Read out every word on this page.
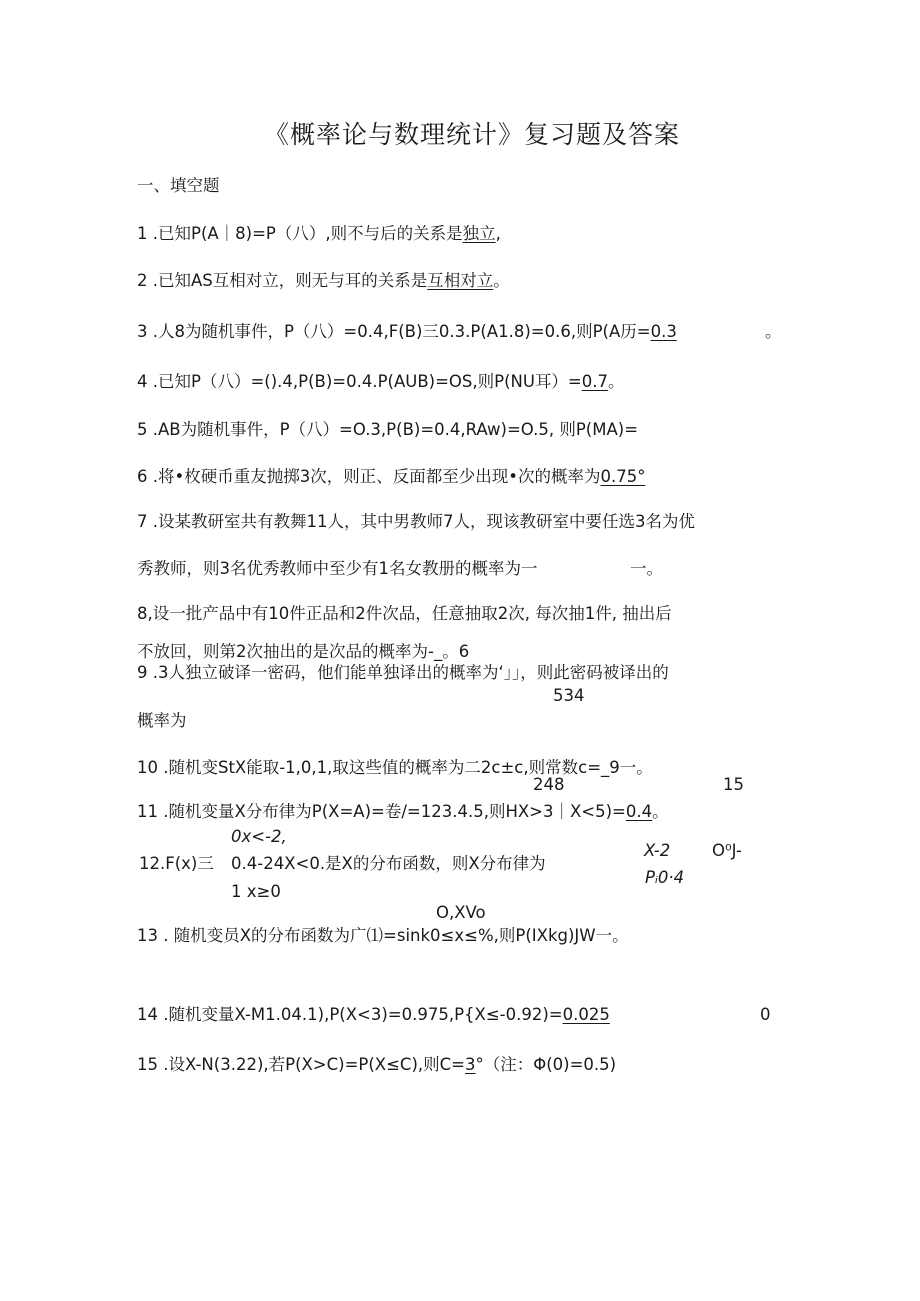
《概率论与数理统计》复习题及答案
一、填空题
1 .已知P(A｜8)=P（八）,则不与后的关系是独立,
2 .已知AS互相对立，则无与耳的关系是互相对立。
3 .人8为随机事件，P（八）=0.4,F(B)三0.3.P(A1.8)=0.6,则P(A历=0.3	。
4 .已知P（八）=().4,P(B)=0.4.P(AUB)=OS,则P(NU耳）=0.7。
5 .AB为随机事件，P（八）=O.3,P(B)=0.4,RAw)=O.5, 则P(MA)=
6 .将•枚硬币重友抛掷3次，则正、反面都至少出现•次的概率为0.75°
7 .设某教研室共有教舞11人，其中男教师7人，现该教研室中要任选3名为优
秀教师，则3名优秀教师中至少有1名女教册的概率为一	一。
8,设一批产品中有10件正品和2件次品，任意抽取2次, 每次抽1件, 抽出后
不放回，则第2次抽出的是次品的概率为-_。6
9 .3人独立破译一密码，他们能单独译出的概率为‘」」，则此密码被译出的
534
概率为
10 .随机变StX能取-1,0,1,取这些值的概率为二2c±c,则常数c=_9一。
248	15
11 .随机变量X分布律为P(X=A)=卷/=123.4.5,则HX>3｜X<5)=0.4。
0x<-2,
12.F(x)三 0.4-24X<0.是X的分布函数，则X分布律为
1 x≥0
X-2	O⁰J-
Pᵢ0·4
O,XVo
13 . 随机变员X的分布函数为广⑴=sink0≤x≤%,则P(IXkg)JW一。
14 .随机变量X-M1.04.1),P(X<3)=0.975,P{X≤-0.92)=0.025	0
15 .设X-N(3.22),若P(X>C)=P(X≤C),则C=3°（注：Φ(0)=0.5)
